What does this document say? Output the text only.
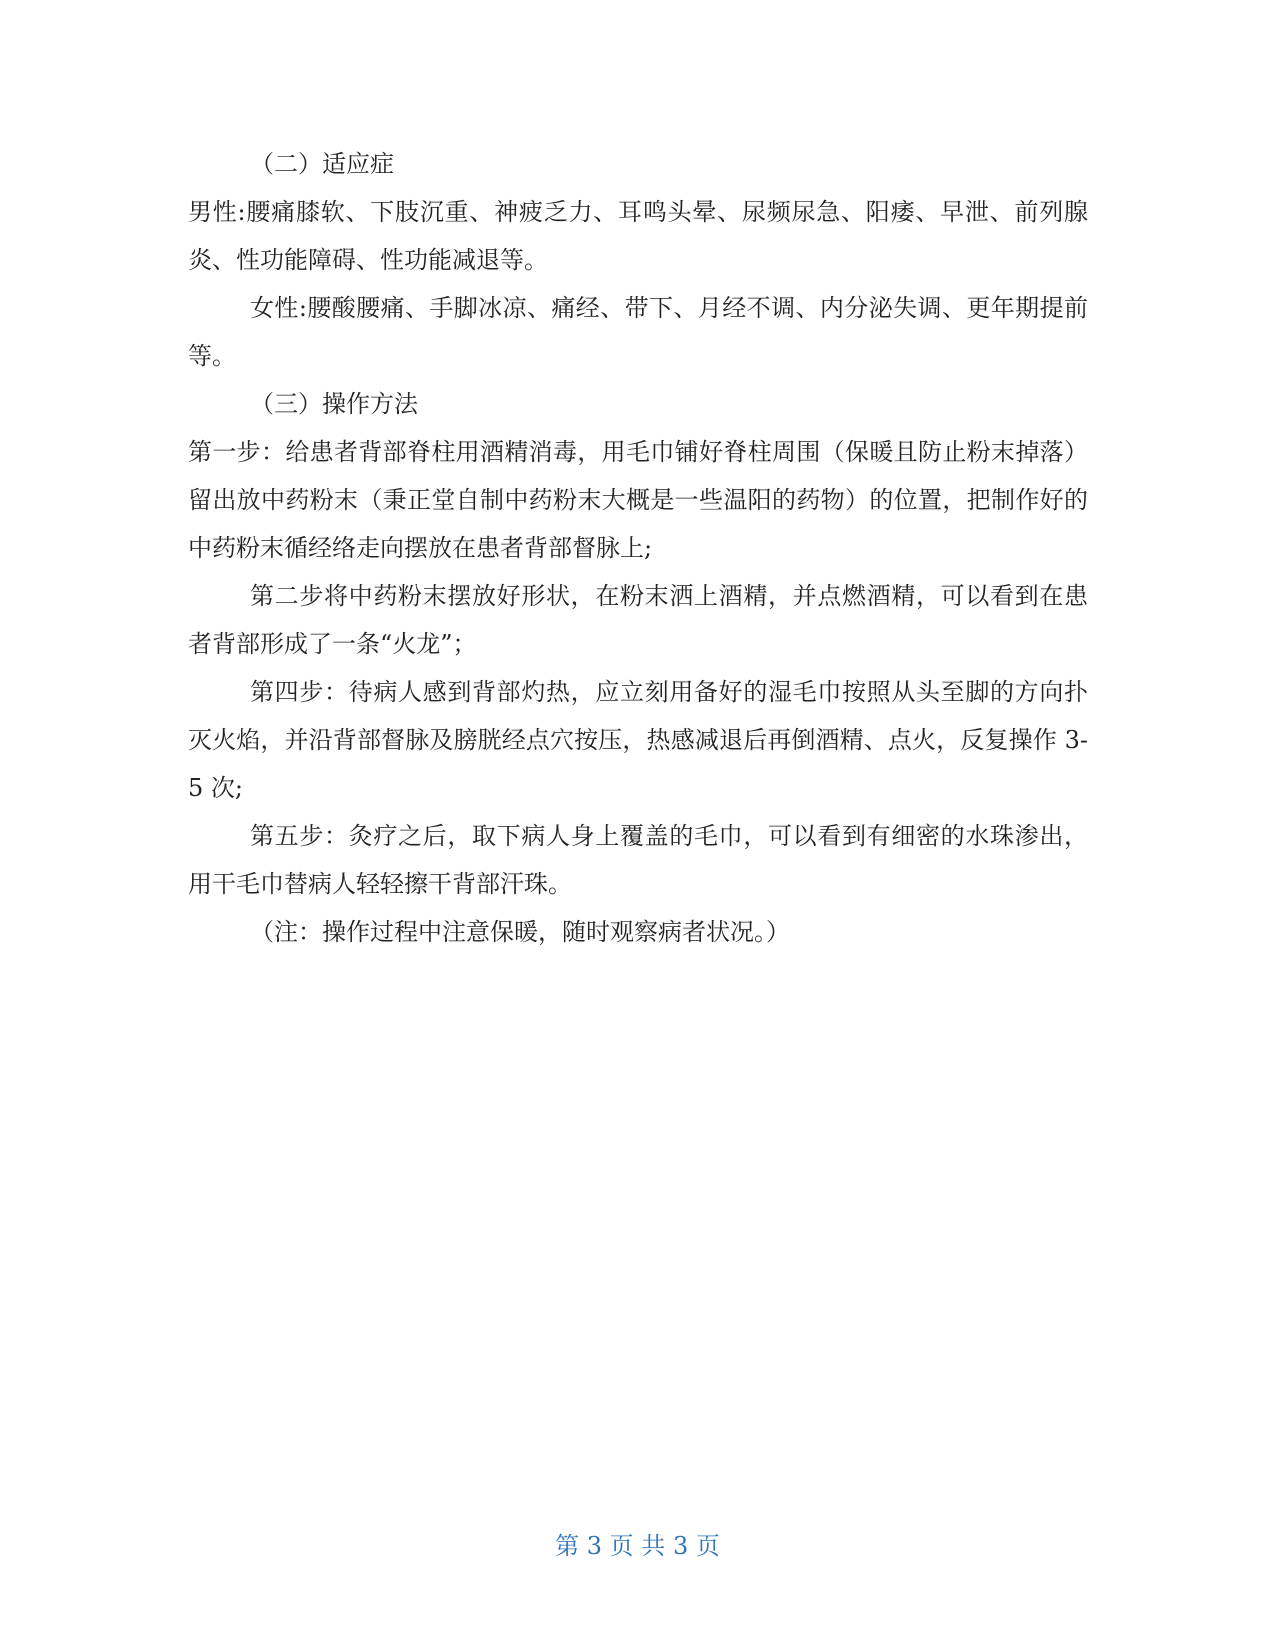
（二）适应症

男性:腰痛膝软、下肢沉重、神疲乏力、耳鸣头晕、尿频尿急、阳痿、早泄、前列腺炎、性功能障碍、性功能减退等。

女性:腰酸腰痛、手脚冰凉、痛经、带下、月经不调、内分泌失调、更年期提前等。

（三）操作方法

第一步：给患者背部脊柱用酒精消毒，用毛巾铺好脊柱周围（保暖且防止粉末掉落）留出放中药粉末（秉正堂自制中药粉末大概是一些温阳的药物）的位置，把制作好的中药粉末循经络走向摆放在患者背部督脉上;

第二步将中药粉末摆放好形状，在粉末洒上酒精，并点燃酒精，可以看到在患者背部形成了一条“火龙”；

第四步：待病人感到背部灼热，应立刻用备好的湿毛巾按照从头至脚的方向扑灭火焰，并沿背部督脉及膀胱经点穴按压，热感减退后再倒酒精、点火，反复操作 3-5 次;

第五步：灸疗之后，取下病人身上覆盖的毛巾，可以看到有细密的水珠渗出，用干毛巾替病人轻轻擦干背部汗珠。

（注：操作过程中注意保暖，随时观察病者状况。）

第 3 页 共 3 页
